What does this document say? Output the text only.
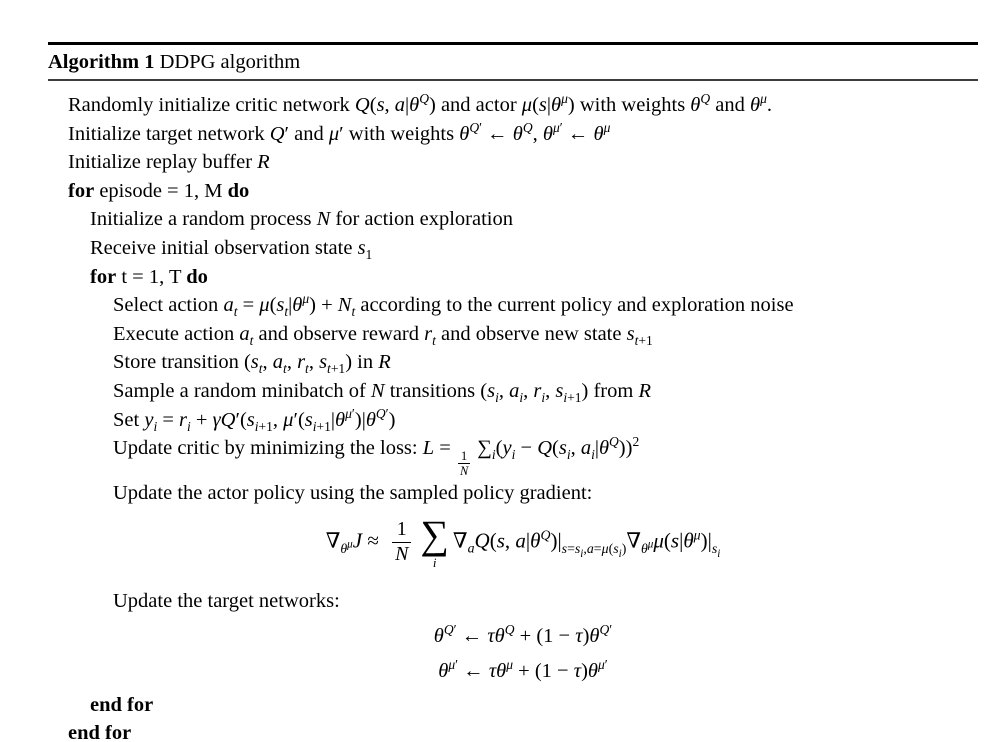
Algorithm 1 DDPG algorithm
Randomly initialize critic network Q(s, $a|\theta^Q$) and actor $\mu(s|\theta^\mu)$ with weights $\theta^Q$ and $\theta^\mu$.
Initialize target network Q′ and μ′ with weights $\theta^{Q'}$ ← $\theta^Q$, $\theta^{\mu'}$ ← $\theta^\mu$
Initialize replay buffer R
for episode = 1, M do
Initialize a random process N for action exploration
Receive initial observation state $s_1$
for t = 1, T do
Select action $a_t = \mu(s_t|\theta^\mu) + N_t$ according to the current policy and exploration noise
Execute action $a_t$ and observe reward $r_t$ and observe new state $s_{t+1}$
Store transition ($s_t$, $a_t$, $r_t$, $s_{t+1}$) in R
Sample a random minibatch of N transitions ($s_i$, $a_i$, $r_i$, $s_{i+1}$) from R
Set $y_i = r_i + \gamma Q'(s_{i+1}$, $\mu'(s_{i+1}|\theta^{\mu'})|\theta^{Q'}$)
Update critic by minimizing the loss: L =
$\frac{1}{N}$
$\sum_i(y_i - Q(s_i$, $a_i|\theta^Q))^2$
Update the actor policy using the sampled policy gradient:
$\nabla_{\theta^\mu}J \approx \frac{1}{N}$ ∑
i
$\nabla_aQ(s$, $a|\theta^Q)|_{s=s_i,a=\mu(s_i)}\nabla_{\theta^\mu}\mu(s|\theta^\mu)|_{s_i}$
Update the target networks:
$\theta^{Q'}$ ← $\tau\theta^Q + (1 - \tau)\theta^{Q'}$
$\theta^{\mu'}$ ← $\tau\theta^\mu + (1 - \tau)\theta^{\mu'}$
end for
end for
